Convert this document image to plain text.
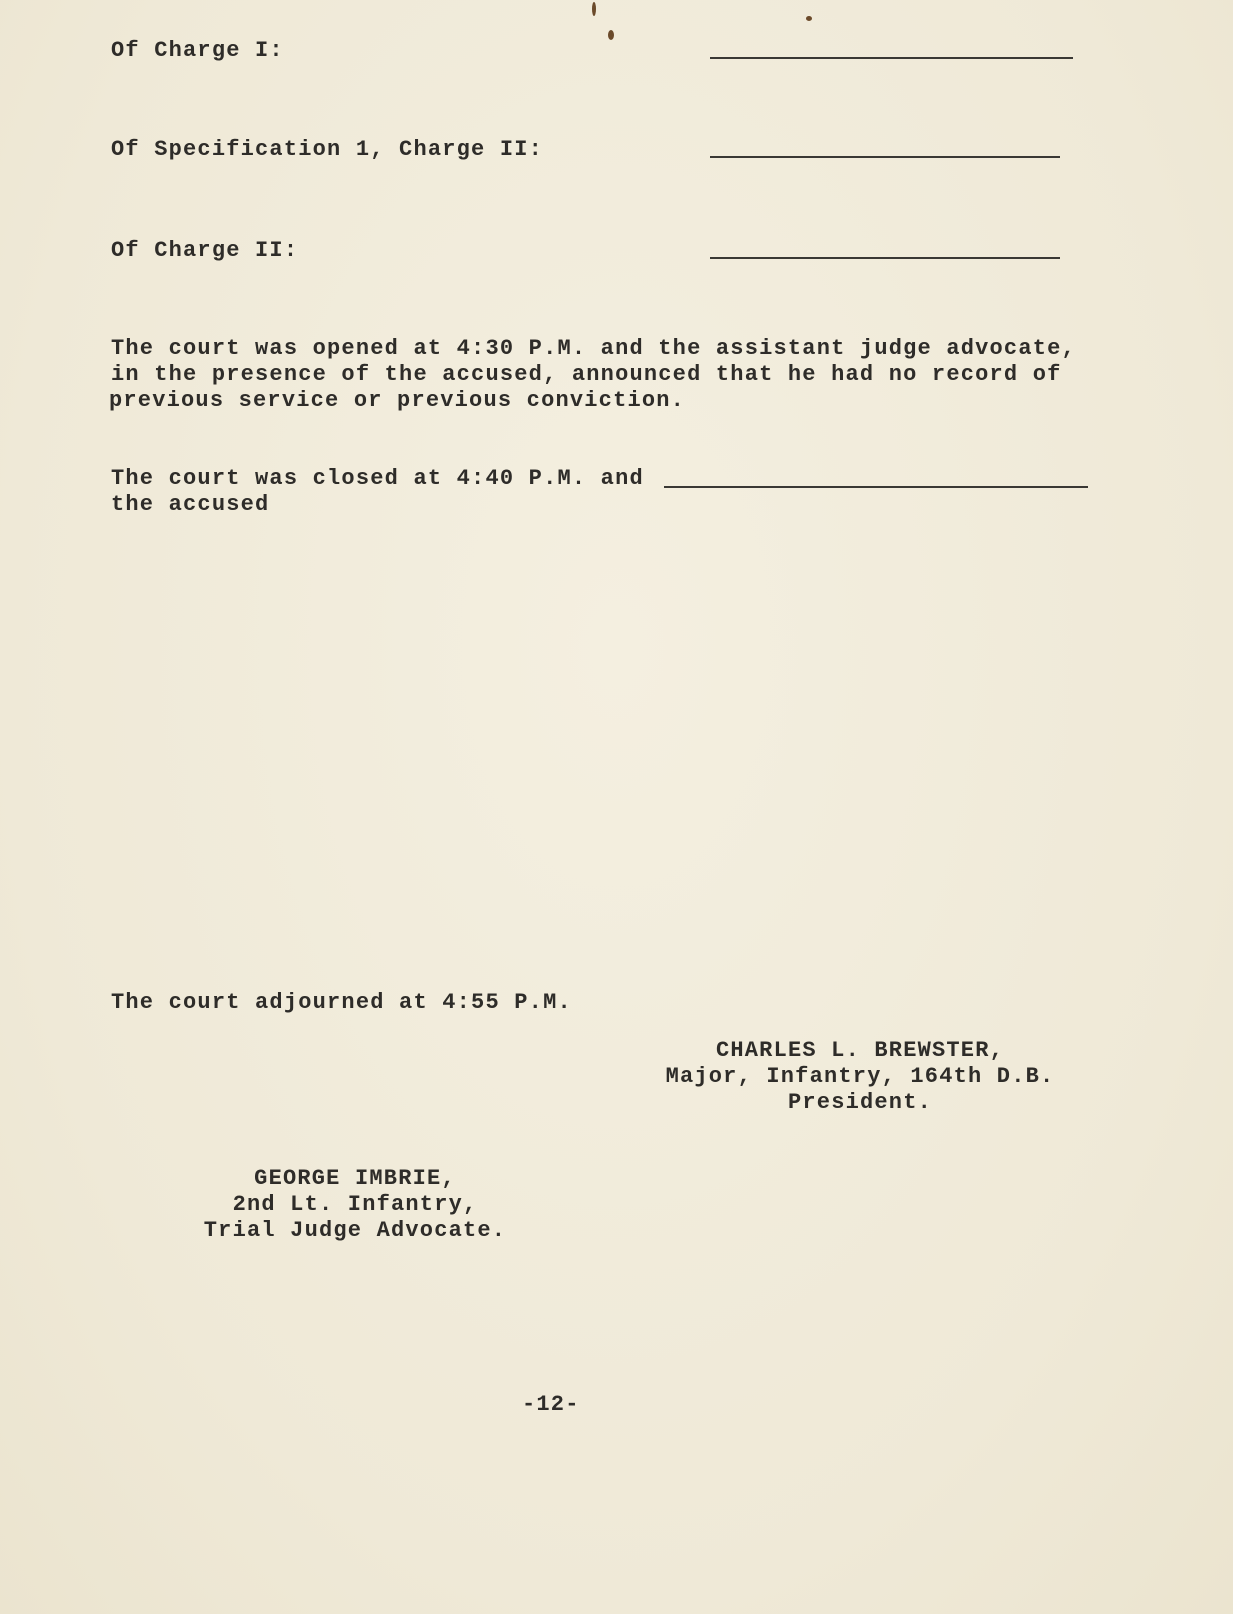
Of Charge I:
Of Specification 1, Charge II:
Of Charge II:
The court was opened at 4:30 P.M. and the assistant judge advocate,
in the presence of the accused, announced that he had no record of
previous service or previous conviction.
The court was closed at 4:40 P.M. and
the accused
The court adjourned at 4:55 P.M.
CHARLES L. BREWSTER,
Major, Infantry, 164th D.B.
President.
GEORGE IMBRIE,
2nd Lt. Infantry,
Trial Judge Advocate.
-12-
